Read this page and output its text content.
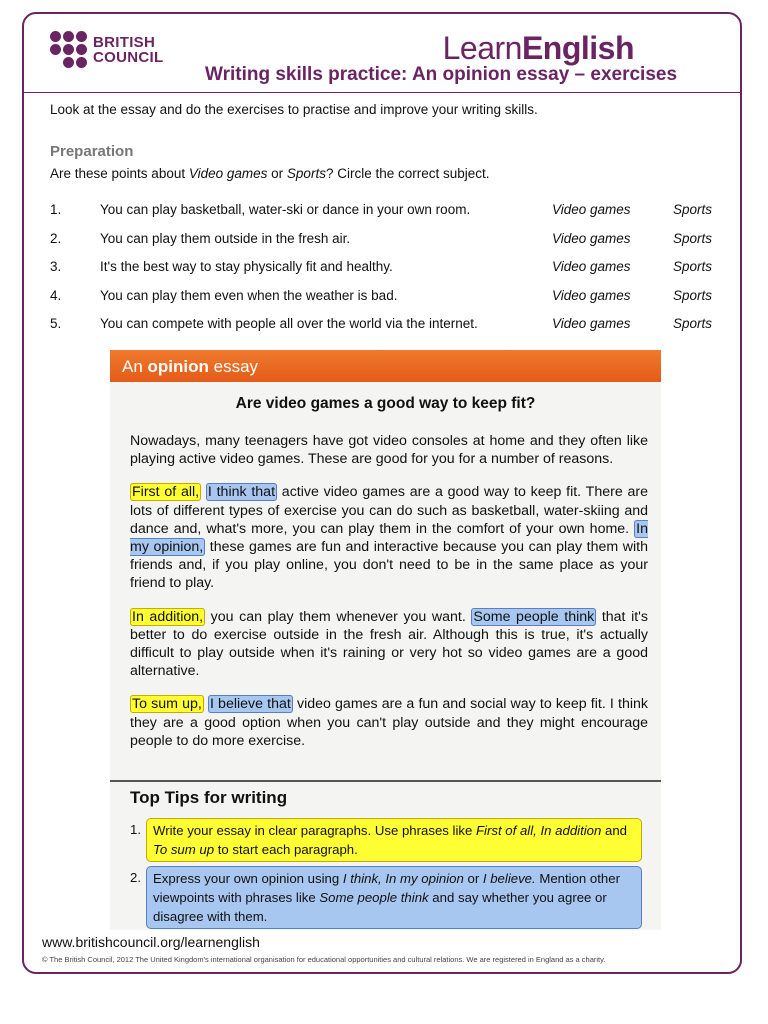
BRITISH
COUNCIL	LearnEnglish
Writing skills practice: An opinion essay – exercises
Look at the essay and do the exercises to practise and improve your writing skills.
Preparation
Are these points about Video games or Sports? Circle the correct subject.
1.	You can play basketball, water-ski or dance in your own room.	Video games	Sports
2.	You can play them outside in the fresh air.	Video games	Sports
3.	It's the best way to stay physically fit and healthy.	Video games	Sports
4.	You can play them even when the weather is bad.	Video games	Sports
5.	You can compete with people all over the world via the internet.	Video games	Sports
An opinion essay
Are video games a good way to keep fit?

Nowadays, many teenagers have got video consoles at home and they often like playing active video games. These are good for you for a number of reasons.

First of all, I think that active video games are a good way to keep fit. There are lots of different types of exercise you can do such as basketball, water-skiing and dance and, what's more, you can play them in the comfort of your own home. In my opinion, these games are fun and interactive because you can play them with friends and, if you play online, you don't need to be in the same place as your friend to play.

In addition, you can play them whenever you want. Some people think that it's better to do exercise outside in the fresh air. Although this is true, it's actually difficult to play outside when it's raining or very hot so video games are a good alternative.

To sum up, I believe that video games are a fun and social way to keep fit. I think they are a good option when you can't play outside and they might encourage people to do more exercise.

Top Tips for writing
1. Write your essay in clear paragraphs. Use phrases like First of all, In addition and To sum up to start each paragraph.
2. Express your own opinion using I think, In my opinion or I believe. Mention other viewpoints with phrases like Some people think and say whether you agree or disagree with them.
www.britishcouncil.org/learnenglish
© The British Council, 2012 The United Kingdom's international organisation for educational opportunities and cultural relations. We are registered in England as a charity.
